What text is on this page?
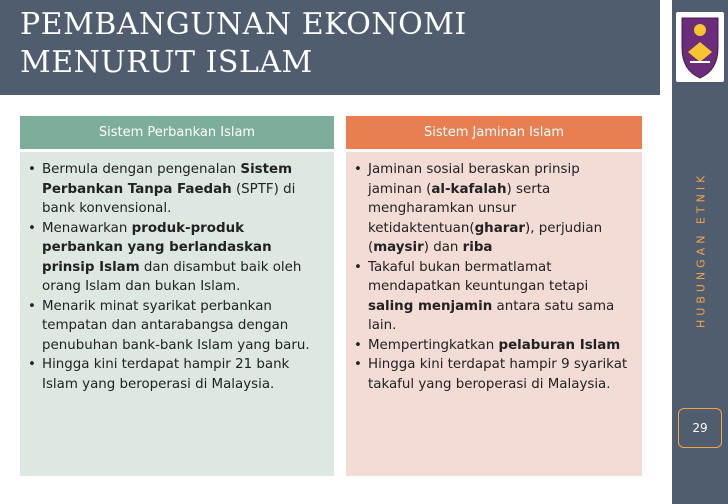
PEMBANGUNAN EKONOMI MENURUT ISLAM
HUBUNGAN ETNIK
29
Sistem Perbankan Islam	Sistem Jaminan Islam
• Bermula dengan pengenalan Sistem Perbankan Tanpa Faedah (SPTF) di bank konvensional.
• Menawarkan produk-produk perbankan yang berlandaskan prinsip Islam dan disambut baik oleh orang Islam dan bukan Islam.
• Menarik minat syarikat perbankan tempatan dan antarabangsa dengan penubuhan bank-bank Islam yang baru.
• Hingga kini terdapat hampir 21 bank Islam yang beroperasi di Malaysia.
• Jaminan sosial beraskan prinsip jaminan (al-kafalah) serta mengharamkan unsur ketidaktentuan(gharar), perjudian (maysir) dan riba
• Takaful bukan bermatlamat mendapatkan keuntungan tetapi saling menjamin antara satu sama lain.
• Mempertingkatkan pelaburan Islam
• Hingga kini terdapat hampir 9 syarikat takaful yang beroperasi di Malaysia.
